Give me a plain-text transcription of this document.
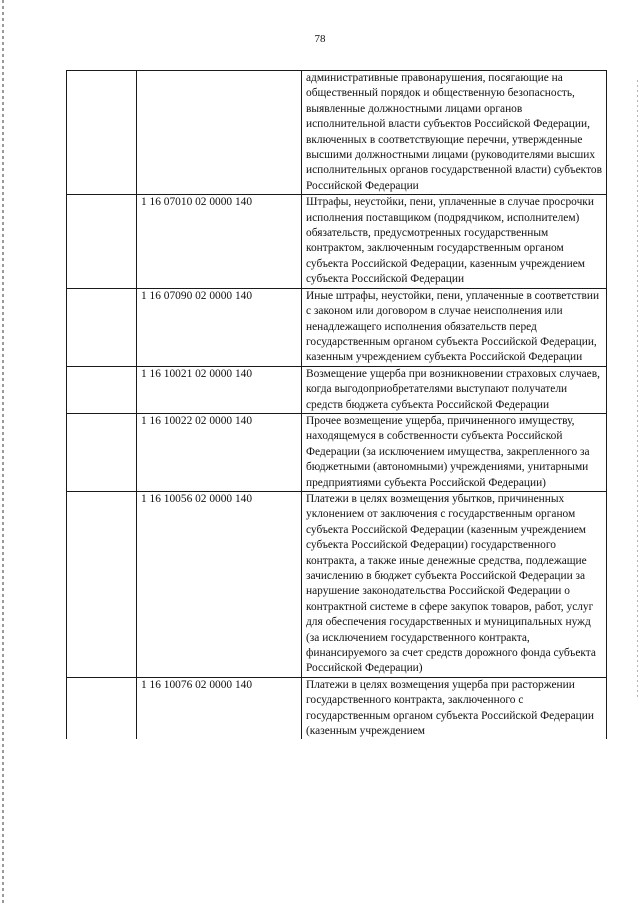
78
		административные правонарушения, посягающие на общественный порядок и общественную безопасность, выявленные должностными лицами органов исполнительной власти субъектов Российской Федерации, включенных в соответствующие перечни, утвержденные высшими должностными лицами (руководителями высших исполнительных органов государственной власти) субъектов Российской Федерации
	1 16 07010 02 0000 140	Штрафы, неустойки, пени, уплаченные в случае просрочки исполнения поставщиком (подрядчиком, исполнителем) обязательств, предусмотренных государственным контрактом, заключенным государственным органом субъекта Российской Федерации, казенным учреждением субъекта Российской Федерации
	1 16 07090 02 0000 140	Иные штрафы, неустойки, пени, уплаченные в соответствии с законом или договором в случае неисполнения или ненадлежащего исполнения обязательств перед государственным органом субъекта Российской Федерации, казенным учреждением субъекта Российской Федерации
	1 16 10021 02 0000 140	Возмещение ущерба при возникновении страховых случаев, когда выгодоприобретателями выступают получатели средств бюджета субъекта Российской Федерации
	1 16 10022 02 0000 140	Прочее возмещение ущерба, причиненного имуществу, находящемуся в собственности субъекта Российской Федерации (за исключением имущества, закрепленного за бюджетными (автономными) учреждениями, унитарными предприятиями субъекта Российской Федерации)
	1 16 10056 02 0000 140	Платежи в целях возмещения убытков, причиненных уклонением от заключения с государственным органом субъекта Российской Федерации (казенным учреждением субъекта Российской Федерации) государственного контракта, а также иные денежные средства, подлежащие зачислению в бюджет субъекта Российской Федерации за нарушение законодательства Российской Федерации о контрактной системе в сфере закупок товаров, работ, услуг для обеспечения государственных и муниципальных нужд (за исключением государственного контракта, финансируемого за счет средств дорожного фонда субъекта Российской Федерации)
	1 16 10076 02 0000 140	Платежи в целях возмещения ущерба при расторжении государственного контракта, заключенного с государственным органом субъекта Российской Федерации (казенным учреждением
